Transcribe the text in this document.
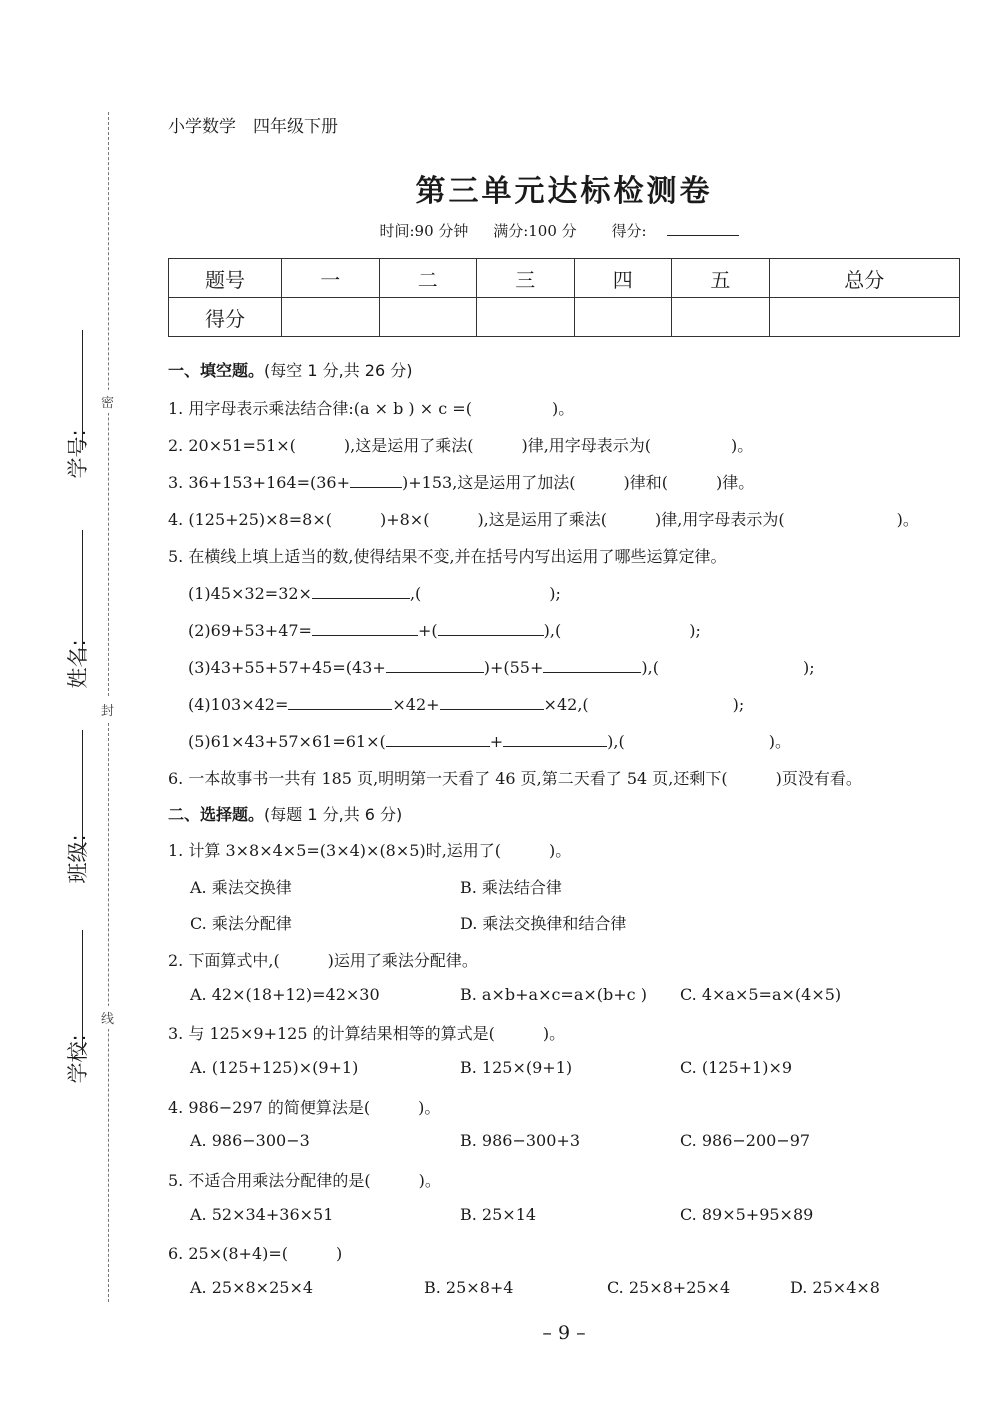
密
封
线
学号:
姓名:
班级:
学校:
小学数学　四年级下册
第三单元达标检测卷
时间:90 分钟 满分:100 分 得分:
题号	一	二	三	四	五	总分
得分						
一、填空题。(每空 1 分,共 26 分)
1. 用字母表示乘法结合律:(a × b ) × c =(　　　　　)。
2. 20×51=51×(　　　),这是运用了乘法(　　　)律,用字母表示为(　　　　　)。
3. 36+153+164=(36+	)+153,这是运用了加法(　　　)律和(　　　)律。
4. (125+25)×8=8×(　　　)+8×(　　　),这是运用了乘法(　　　)律,用字母表示为(　　　　　　　)。
5. 在横线上填上适当的数,使得结果不变,并在括号内写出运用了哪些运算定律。
(1)45×32=32×	,(　　　　　　　　);
(2)69+53+47=	+(	),(　　　　　　　　);
(3)43+55+57+45=(43+	)+(55+	),(　　　　　　　　　);
(4)103×42=	×42+	×42,(　　　　　　　　　);
(5)61×43+57×61=61×(	+	),(　　　　　　　　　)。
6. 一本故事书一共有 185 页,明明第一天看了 46 页,第二天看了 54 页,还剩下(　　　)页没有看。
二、选择题。(每题 1 分,共 6 分)
1. 计算 3×8×4×5=(3×4)×(8×5)时,运用了(　　　)。
A. 乘法交换律	B. 乘法结合律
C. 乘法分配律	D. 乘法交换律和结合律
2. 下面算式中,(　　　)运用了乘法分配律。
A. 42×(18+12)=42×30	B. a×b+a×c=a×(b+c ) C. 4×a×5=a×(4×5)
3. 与 125×9+125 的计算结果相等的算式是(　　　)。
A. (125+125)×(9+1)	B. 125×(9+1)	C. (125+1)×9
4. 986−297 的简便算法是(　　　)。
A. 986−300−3	B. 986−300+3	C. 986−200−97
5. 不适合用乘法分配律的是(　　　)。
A. 52×34+36×51	B. 25×14	C. 89×5+95×89
6. 25×(8+4)=(　　　)
A. 25×8×25×4	B. 25×8+4	C. 25×8+25×4	D. 25×4×8
– 9 –
